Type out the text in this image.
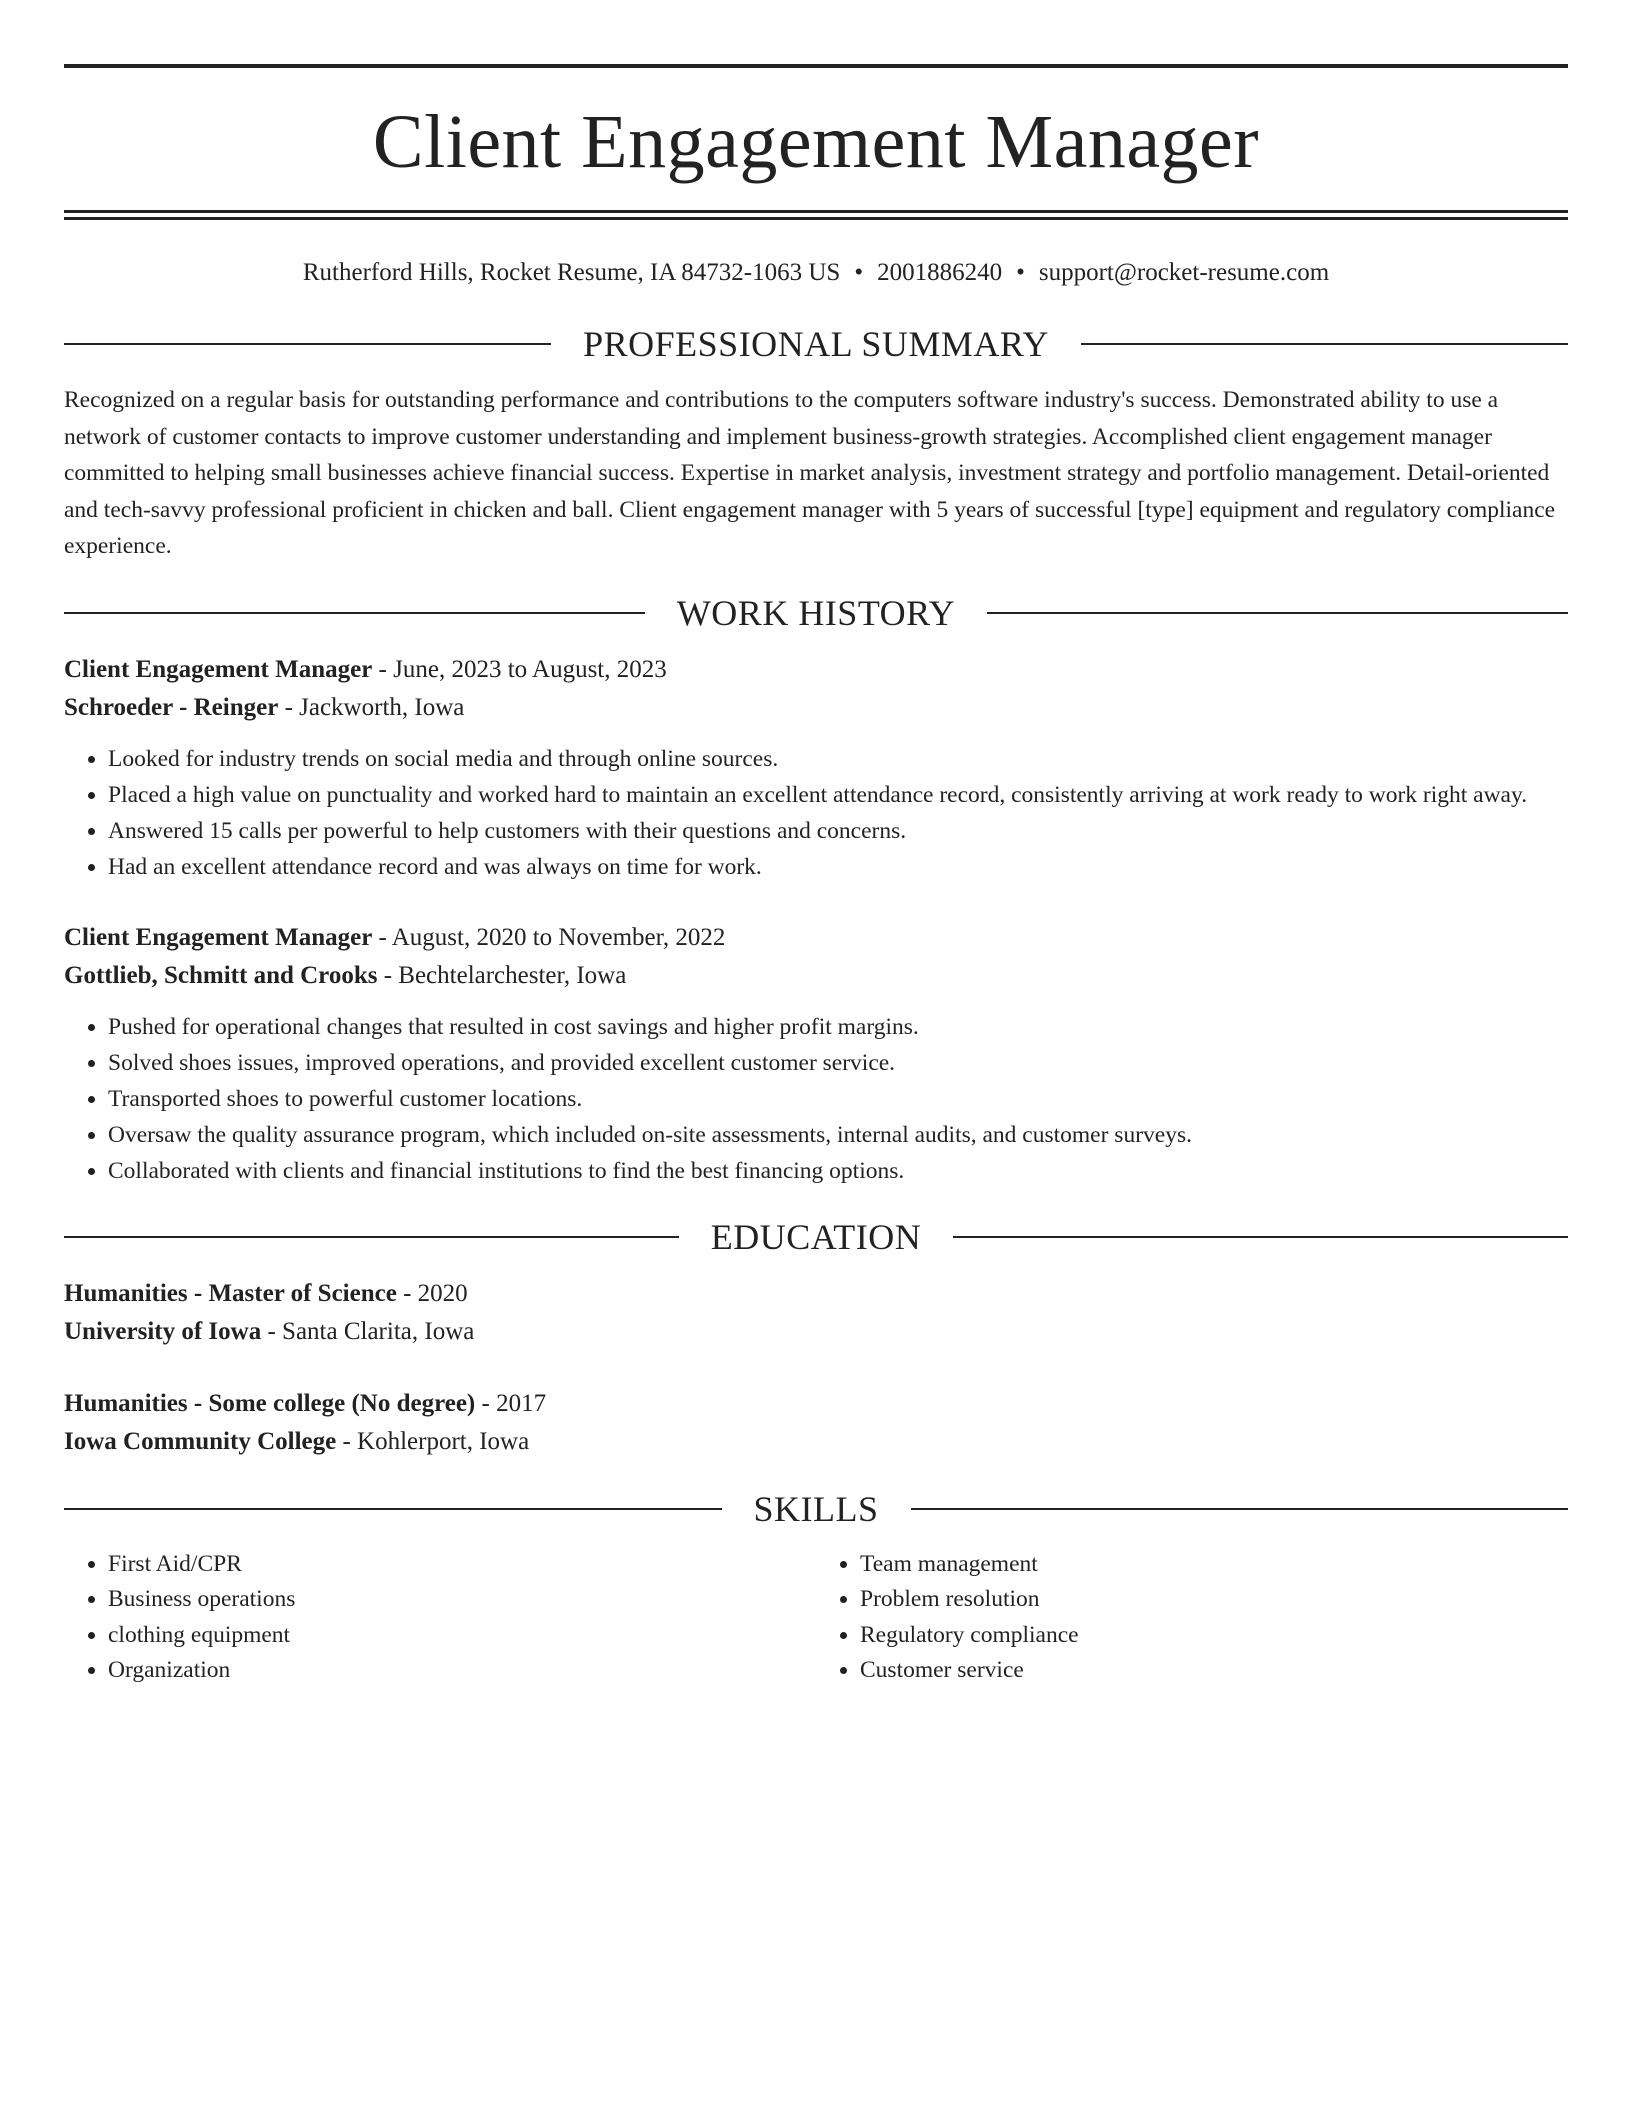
Client Engagement Manager
Rutherford Hills, Rocket Resume, IA 84732-1063 US • 2001886240 • support@rocket-resume.com
PROFESSIONAL SUMMARY

Recognized on a regular basis for outstanding performance and contributions to the computers software industry's success. Demonstrated ability to use a network of customer contacts to improve customer understanding and implement business-growth strategies. Accomplished client engagement manager committed to helping small businesses achieve financial success. Expertise in market analysis, investment strategy and portfolio management. Detail-oriented and tech-savvy professional proficient in chicken and ball. Client engagement manager with 5 years of successful [type] equipment and regulatory compliance experience.

WORK HISTORY
Client Engagement Manager - June, 2023 to August, 2023
Schroeder - Reinger - Jackworth, Iowa
• Looked for industry trends on social media and through online sources.
• Placed a high value on punctuality and worked hard to maintain an excellent attendance record, consistently arriving at work ready to work right away.
• Answered 15 calls per powerful to help customers with their questions and concerns.
• Had an excellent attendance record and was always on time for work.
Client Engagement Manager - August, 2020 to November, 2022
Gottlieb, Schmitt and Crooks - Bechtelarchester, Iowa
• Pushed for operational changes that resulted in cost savings and higher profit margins.
• Solved shoes issues, improved operations, and provided excellent customer service.
• Transported shoes to powerful customer locations.
• Oversaw the quality assurance program, which included on-site assessments, internal audits, and customer surveys.
• Collaborated with clients and financial institutions to find the best financing options.
EDUCATION
Humanities - Master of Science - 2020
University of Iowa - Santa Clarita, Iowa
Humanities - Some college (No degree) - 2017
Iowa Community College - Kohlerport, Iowa
SKILLS
• First Aid/CPR
• Business operations
• clothing equipment
• Organization
• Team management
• Problem resolution
• Regulatory compliance
• Customer service
